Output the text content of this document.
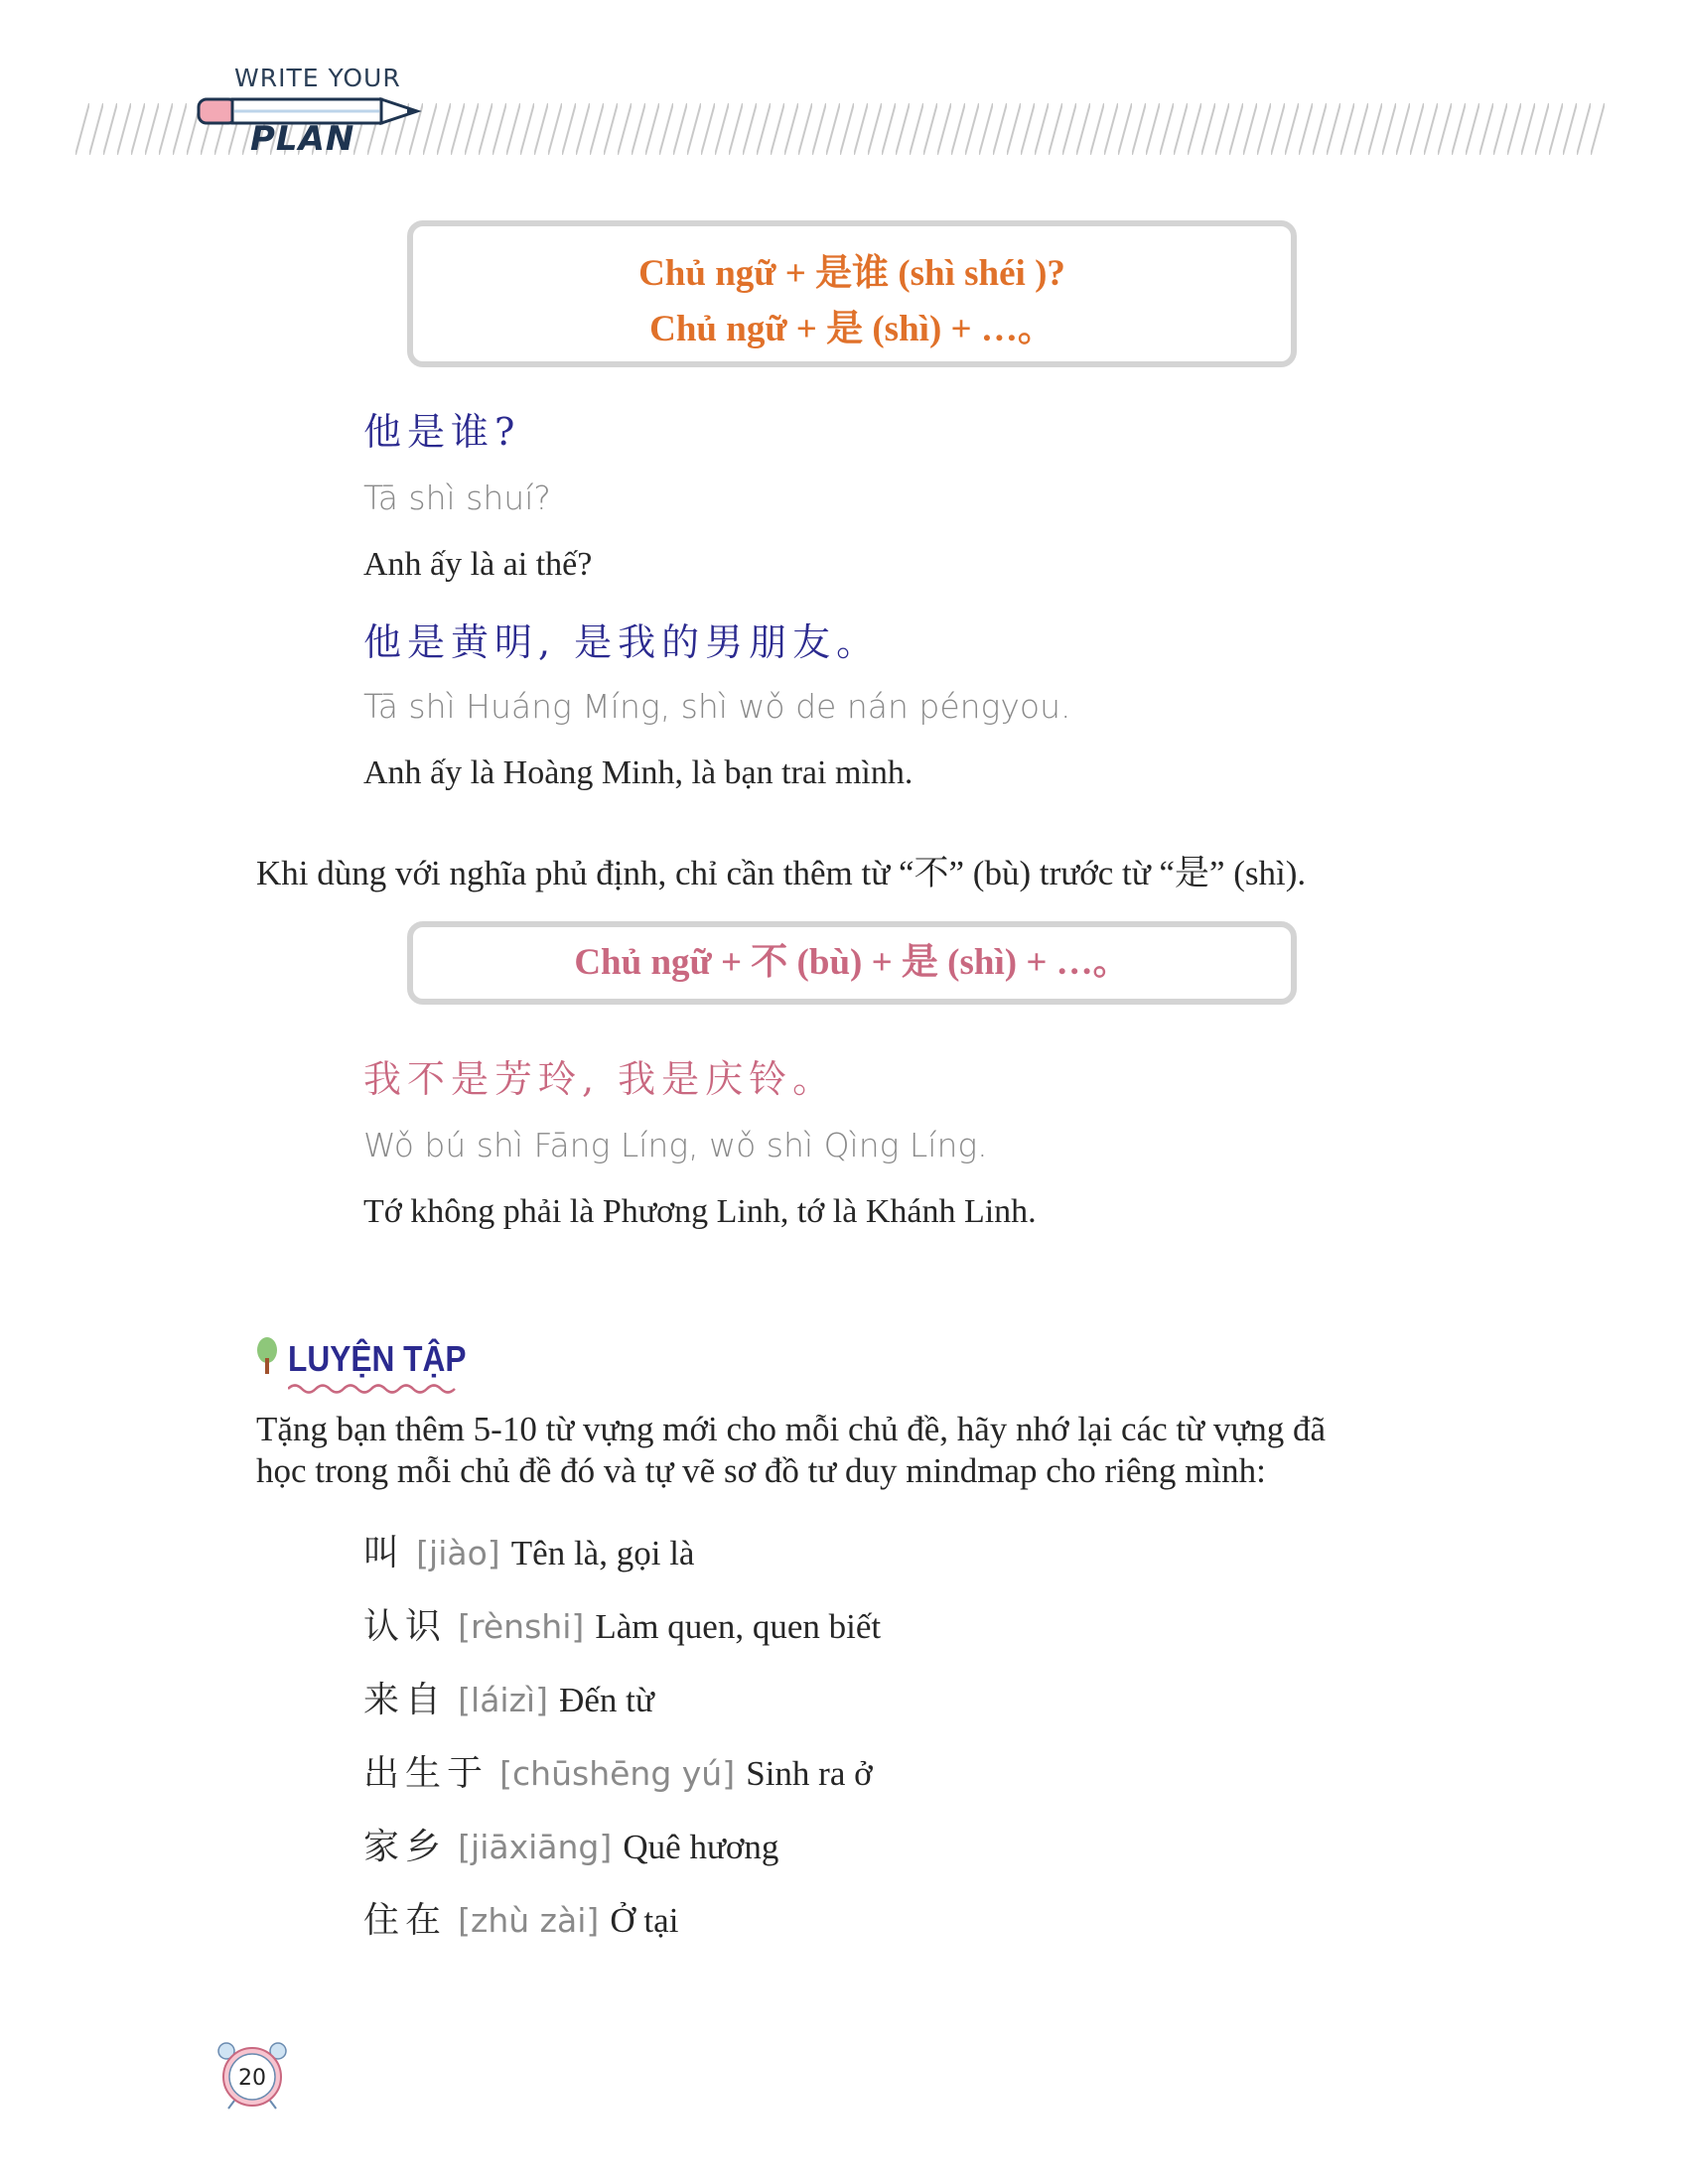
WRITE YOUR
PLAN
Chủ ngữ + 是谁 (shì shéi )?
Chủ ngữ + 是 (shì) + …。
他是谁?
Tā shì shuí?
Anh ấy là ai thế?
他是黄明, 是我的男朋友。
Tā shì Huáng Míng, shì wǒ de nán péngyou.
Anh ấy là Hoàng Minh, là bạn trai mình.
Khi dùng với nghĩa phủ định, chỉ cần thêm từ “不” (bù) trước từ “是” (shì).
Chủ ngữ + 不 (bù) + 是 (shì) + …。
我不是芳玲, 我是庆铃。
Wǒ bú shì Fāng Líng, wǒ shì Qìng Líng.
Tớ không phải là Phương Linh, tớ là Khánh Linh.
LUYỆN TẬP
Tặng bạn thêm 5-10 từ vựng mới cho mỗi chủ đề, hãy nhớ lại các từ vựng đã
học trong mỗi chủ đề đó và tự vẽ sơ đồ tư duy mindmap cho riêng mình:
叫 [jiào] Tên là, gọi là
认识 [rènshi] Làm quen, quen biết
来自 [láizì] Đến từ
出生于 [chūshēng yú] Sinh ra ở
家乡 [jiāxiāng] Quê hương
住在 [zhù zài] Ở tại
20
